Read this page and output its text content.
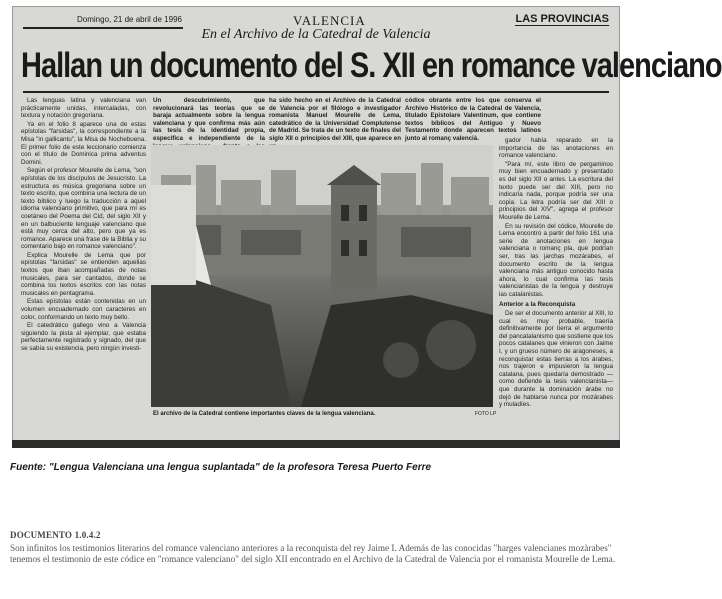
Domingo, 21 de abril de 1996	VALENCIA	LAS PROVINCIAS
En el Archivo de la Catedral de Valencia
Hallan un documento del S. XII en romance valenciano
Un descubrimiento, que revolucionará las teorías que se baraja actualmente sobre la lengua valenciana y que confirma más aún las tesis de la identidad propia, específica e independiente de la
ha sido hecho en el Archivo de la Catedral de Valencia por el filólogo e investigador romanista Manuel Mourelle de Lema, catedrático de la Universidad Complutense de Madrid. Se trata de un texto de finales del siglo XII o principios del XIII, que aparece en
códice obrante entre los que conserva el Archivo Histórico de la Catedral de Valencia, titulado Epistolare Valentinum, que contiene textos bíblicos del Antiguo y Nuevo Testamento donde aparecen textos latinos junto al romanç valencià.

Las lenguas latina y valenciana van prácticamente unidas, intercaladas, con textura y notación gregoriana.

Ya en el folio 8 aparece una de estas epístolas "farsidas", la correspondiente a la Misa "in gallicantu", la Misa de Nochebuena. El primer folio de este leccionario comienza con el título de Dominica prima adventus Domini.

Según el profesor Mourelle de Lema, "son epístolas de los discípulos de Jesucristo. La estructura es música gregoriana sobre un texto escrito, que combina una lectura de un texto bíblico y luego la traducción a aquel idioma valenciano primitivo, que para mí es coetáneo del Poema del Cid, del siglo XII y en un balbuciente lenguaje valenciano que está muy cerca del alto, pero que ya es romance. Aparece una frase de la Biblia y su comentario bajo en romance valenciano".

Explica Mourelle de Lema que por epístolas "farsidas" se entienden aquellas textos que iban acompañadas de notas musicales, para ser cantados, donde se combina los textos escritos con las notas musicales en pentagrama.

Estas epístolas están contenidas en un volumen encuadernado con caracteres en color, conformando un texto muy bello.

El catedrático gallego vino a Valencia siguiendo la pista al ejemplar, que estaba perfectamente registrado y signado, del que se sabía su existencia, pero ningún investi-

El archivo de la Catedral contiene importantes claves de la lengua valenciana.	FOTO LP

gador había reparado en la importancia de las anotaciones en romance valenciano.

"Para mí, este libro de pergaminos muy bien encuadernado y presentado es del siglo XII o antes. La escritura del texto puede ser del XIII, pero no indicaría nada, porque podría ser una copia. La letra podría ser del XIII o principios del XIV", agrega el profesor Mourelle de Lema.

En su revisión del códice, Mourelle de Lema encontró a partir del folio 161 una serie de anotaciones en lengua valenciana o romanç pla, que podrían ser, tras las jarchas mozárabes, el documento escrito de la lengua valenciana más antiguo conocido hasta ahora, lo cual confirma las tesis valencianistas de la lengua y destruye las catalanistas.

Anterior a la Reconquista

De ser el documento anterior al XIII, lo cual es muy probable, traería definitivamente por tierra el argumento del pancatalanismo que sostiene que los pocos catalanes que vinieron con Jaime I, y un grueso número de aragoneses, a reconquistar estas tierras a los árabes, nos trajeron e impusieron la lengua catalana, pues quedaría demostrado —como defiende la tesis valencianista— que durante la dominación árabe no dejó de hablarse nunca por mozárabes y muladíes.

Fuente: "Lengua Valenciana una lengua suplantada" de la profesora Teresa Puerto Ferre
DOCUMENTO 1.0.4.2
Son infinitos los testimonios literarios del romance valenciano anteriores a la reconquista del rey Jaime I. Además de las conocidas "harges valencianes mozàrabes" tenemos el testimonio de este códice en "romance valenciano" del siglo XII encontrado en el Archivo de la Catedral de Valencia por el romanista Mourelle de Lema.
